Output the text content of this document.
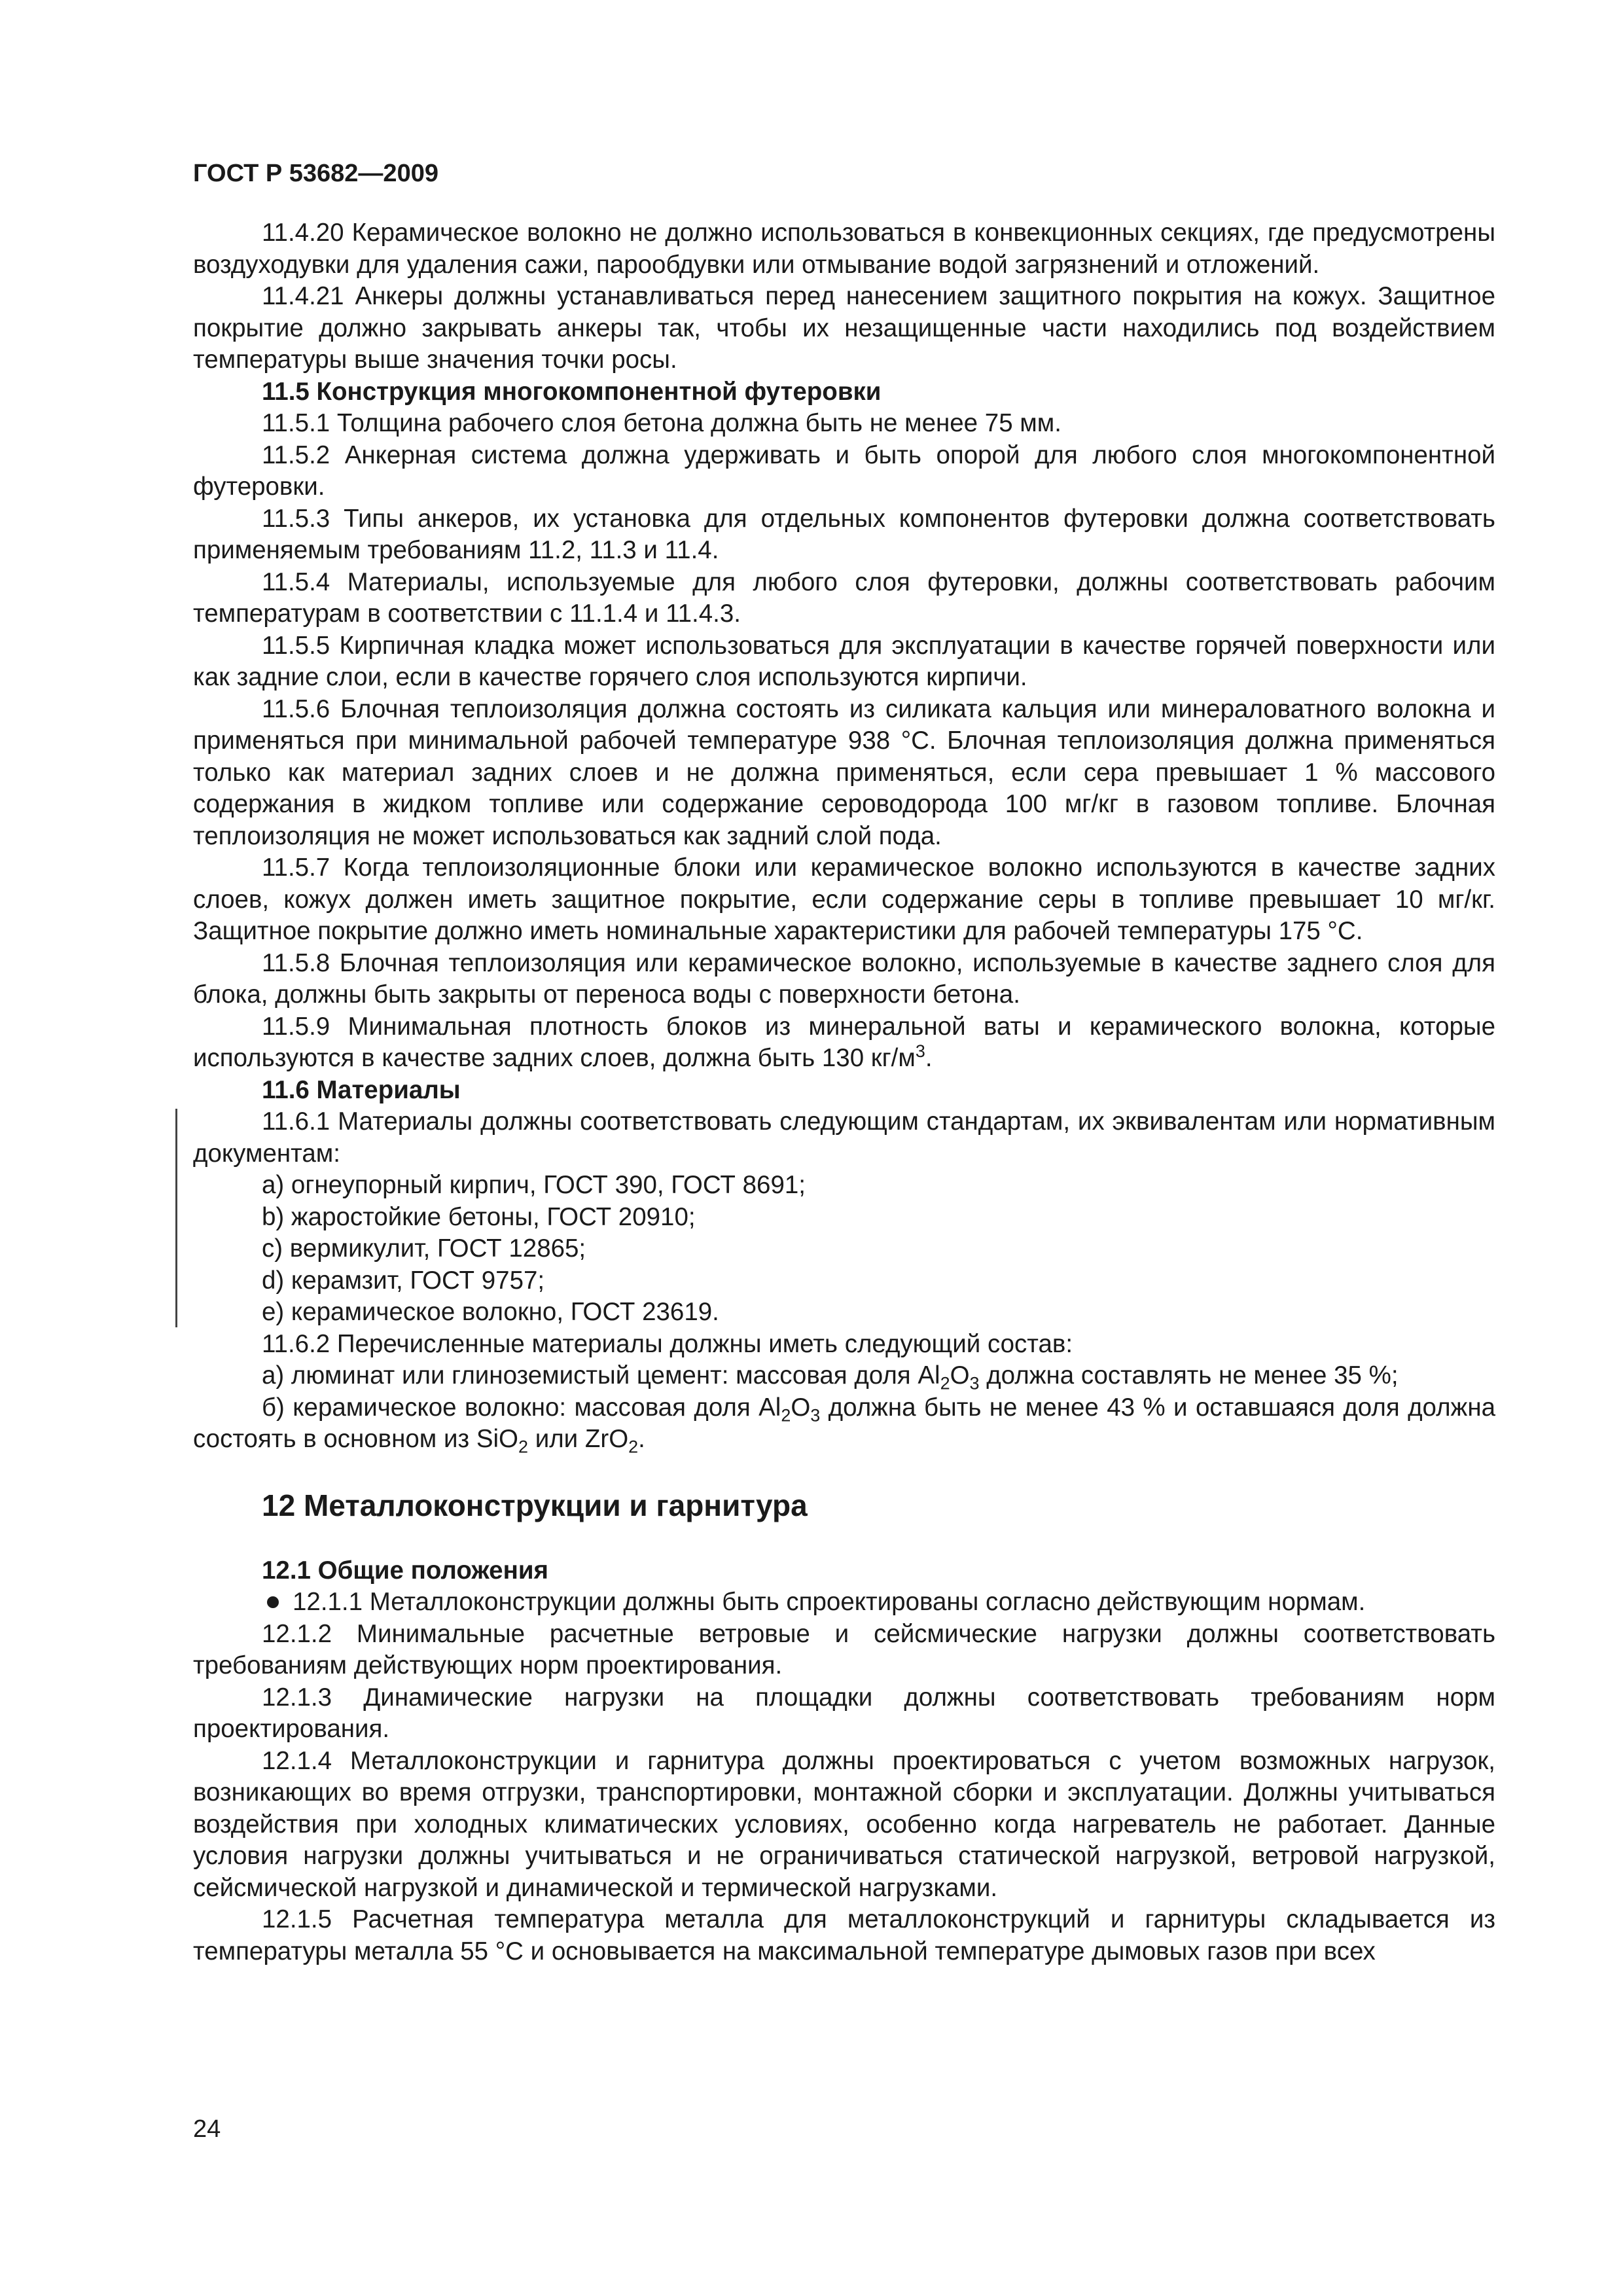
ГОСТ Р 53682—2009

11.4.20 Керамическое волокно не должно использоваться в конвекционных секциях, где предусмотрены воздуходувки для удаления сажи, парообдувки или отмывание водой загрязнений и отложений.

11.4.21 Анкеры должны устанавливаться перед нанесением защитного покрытия на кожух. Защитное покрытие должно закрывать анкеры так, чтобы их незащищенные части находились под воздействием температуры выше значения точки росы.

11.5 Конструкция многокомпонентной футеровки

11.5.1 Толщина рабочего слоя бетона должна быть не менее 75 мм.

11.5.2 Анкерная система должна удерживать и быть опорой для любого слоя многокомпонентной футеровки.

11.5.3 Типы анкеров, их установка для отдельных компонентов футеровки должна соответствовать применяемым требованиям 11.2, 11.3 и 11.4.

11.5.4 Материалы, используемые для любого слоя футеровки, должны соответствовать рабочим температурам в соответствии с 11.1.4 и 11.4.3.

11.5.5 Кирпичная кладка может использоваться для эксплуатации в качестве горячей поверхности или как задние слои, если в качестве горячего слоя используются кирпичи.

11.5.6 Блочная теплоизоляция должна состоять из силиката кальция или минераловатного волокна и применяться при минимальной рабочей температуре 938 °С. Блочная теплоизоляция должна применяться только как материал задних слоев и не должна применяться, если сера превышает 1 % массового содержания в жидком топливе или содержание сероводорода 100 мг/кг в газовом топливе. Блочная теплоизоляция не может использоваться как задний слой пода.

11.5.7 Когда теплоизоляционные блоки или керамическое волокно используются в качестве задних слоев, кожух должен иметь защитное покрытие, если содержание серы в топливе превышает 10 мг/кг. Защитное покрытие должно иметь номинальные характеристики для рабочей температуры 175 °С.

11.5.8 Блочная теплоизоляция или керамическое волокно, используемые в качестве заднего слоя для блока, должны быть закрыты от переноса воды с поверхности бетона.

11.5.9 Минимальная плотность блоков из минеральной ваты и керамического волокна, которые используются в качестве задних слоев, должна быть 130 $кг/м^3$.

11.6 Материалы

11.6.1 Материалы должны соответствовать следующим стандартам, их эквивалентам или нормативным документам:

a) огнеупорный кирпич, ГОСТ 390, ГОСТ 8691;

b) жаростойкие бетоны, ГОСТ 20910;

c) вермикулит, ГОСТ 12865;

d) керамзит, ГОСТ 9757;

e) керамическое волокно, ГОСТ 23619.

11.6.2 Перечисленные материалы должны иметь следующий состав:

а) люминат или глиноземистый цемент: массовая доля $Al_2O_3$ должна составлять не менее 35 %;

б) керамическое волокно: массовая доля $Al_2O_3$ должна быть не менее 43 % и оставшаяся доля должна состоять в основном из SiO$_2$ или ZrO$_2$.

12 Металлоконструкции и гарнитура

12.1 Общие положения

12.1.1 Металлоконструкции должны быть спроектированы согласно действующим нормам.

12.1.2 Минимальные расчетные ветровые и сейсмические нагрузки должны соответствовать требованиям действующих норм проектирования.

12.1.3 Динамические нагрузки на площадки должны соответствовать требованиям норм проектирования.

12.1.4 Металлоконструкции и гарнитура должны проектироваться с учетом возможных нагрузок, возникающих во время отгрузки, транспортировки, монтажной сборки и эксплуатации. Должны учитываться воздействия при холодных климатических условиях, особенно когда нагреватель не работает. Данные условия нагрузки должны учитываться и не ограничиваться статической нагрузкой, ветровой нагрузкой, сейсмической нагрузкой и динамической и термической нагрузками.

12.1.5 Расчетная температура металла для металлоконструкций и гарнитуры складывается из температуры металла 55 °С и основывается на максимальной температуре дымовых газов при всех

24
